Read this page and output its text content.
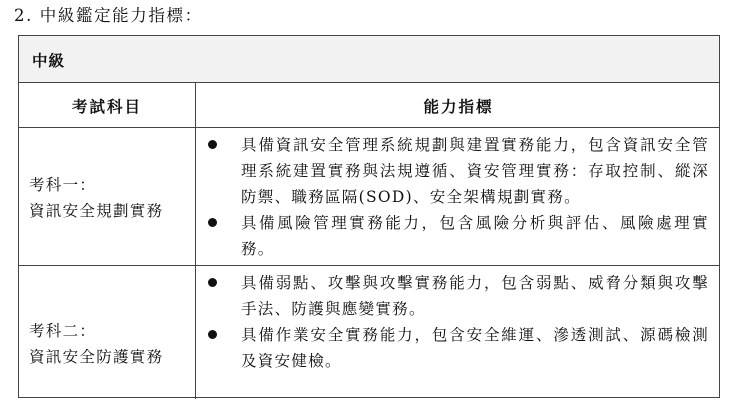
2. 中級鑑定能力指標：
中級
考試科目	能力指標
考科一：
資訊安全規劃實務
具備資訊安全管理系統規劃與建置實務能力，包含資訊安全管理系統建置實務與法規遵循、資安管理實務：存取控制、縱深防禦、職務區隔(SOD)、安全架構規劃實務。
具備風險管理實務能力，包含風險分析與評估、風險處理實務。
考科二：
資訊安全防護實務
具備弱點、攻擊與攻擊實務能力，包含弱點、威脅分類與攻擊手法、防護與應變實務。
具備作業安全實務能力，包含安全維運、滲透測試、源碼檢測及資安健檢。
